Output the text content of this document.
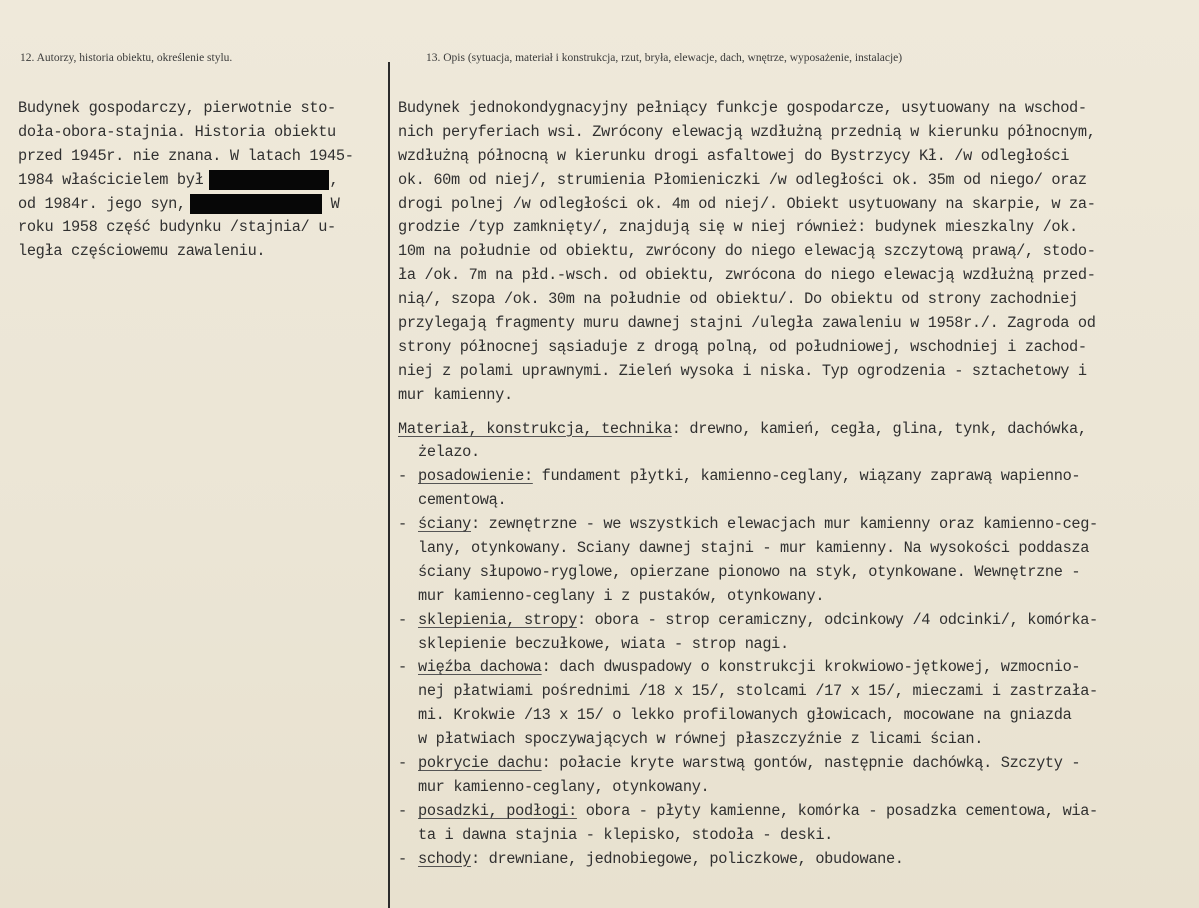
12. Autorzy, historia obiektu, określenie stylu.	13. Opis (sytuacja, materiał i konstrukcja, rzut, bryła, elewacje, dach, wnętrze, wyposażenie, instalacje)
Budynek gospodarczy, pierwotnie sto-
doła-obora-stajnia. Historia obiektu
przed 1945r. nie znana. W latach 1945-
1984 właścicielem był	,
od 1984r. jego syn,	W
roku 1958 część budynku /stajnia/ u-
legła częściowemu zawaleniu.
Budynek jednokondygnacyjny pełniący funkcje gospodarcze, usytuowany na wschod-
nich peryferiach wsi. Zwrócony elewacją wzdłużną przednią w kierunku północnym,
wzdłużną północną w kierunku drogi asfaltowej do Bystrzycy Kł. /w odległości
ok. 60m od niej/, strumienia Płomieniczki /w odległości ok. 35m od niego/ oraz
drogi polnej /w odległości ok. 4m od niej/. Obiekt usytuowany na skarpie, w za-
grodzie /typ zamknięty/, znajdują się w niej również: budynek mieszkalny /ok.
10m na południe od obiektu, zwrócony do niego elewacją szczytową prawą/, stodo-
ła /ok. 7m na płd.-wsch. od obiektu, zwrócona do niego elewacją wzdłużną przed-
nią/, szopa /ok. 30m na południe od obiektu/. Do obiektu od strony zachodniej
przylegają fragmenty muru dawnej stajni /uległa zawaleniu w 1958r./. Zagroda od
strony północnej sąsiaduje z drogą polną, od południowej, wschodniej i zachod-
niej z polami uprawnymi. Zieleń wysoka i niska. Typ ogrodzenia - sztachetowy i
mur kamienny.
Materiał, konstrukcja, technika: drewno, kamień, cegła, glina, tynk, dachówka,
żelazo.
- posadowienie: fundament płytki, kamienno-ceglany, wiązany zaprawą wapienno-
cementową.
- ściany: zewnętrzne - we wszystkich elewacjach mur kamienny oraz kamienno-ceg-
lany, otynkowany. Sciany dawnej stajni - mur kamienny. Na wysokości poddasza
ściany słupowo-ryglowe, opierzane pionowo na styk, otynkowane. Wewnętrzne -
mur kamienno-ceglany i z pustaków, otynkowany.
- sklepienia, stropy: obora - strop ceramiczny, odcinkowy /4 odcinki/, komórka-
sklepienie beczułkowe, wiata - strop nagi.
- więźba dachowa: dach dwuspadowy o konstrukcji krokwiowo-jętkowej, wzmocnio-
nej płatwiami pośrednimi /18 x 15/, stolcami /17 x 15/, mieczami i zastrzała-
mi. Krokwie /13 x 15/ o lekko profilowanych głowicach, mocowane na gniazda
w płatwiach spoczywających w równej płaszczyźnie z licami ścian.
- pokrycie dachu: połacie kryte warstwą gontów, następnie dachówką. Szczyty -
mur kamienno-ceglany, otynkowany.
- posadzki, podłogi: obora - płyty kamienne, komórka - posadzka cementowa, wia-
ta i dawna stajnia - klepisko, stodoła - deski.
- schody: drewniane, jednobiegowe, policzkowe, obudowane.
